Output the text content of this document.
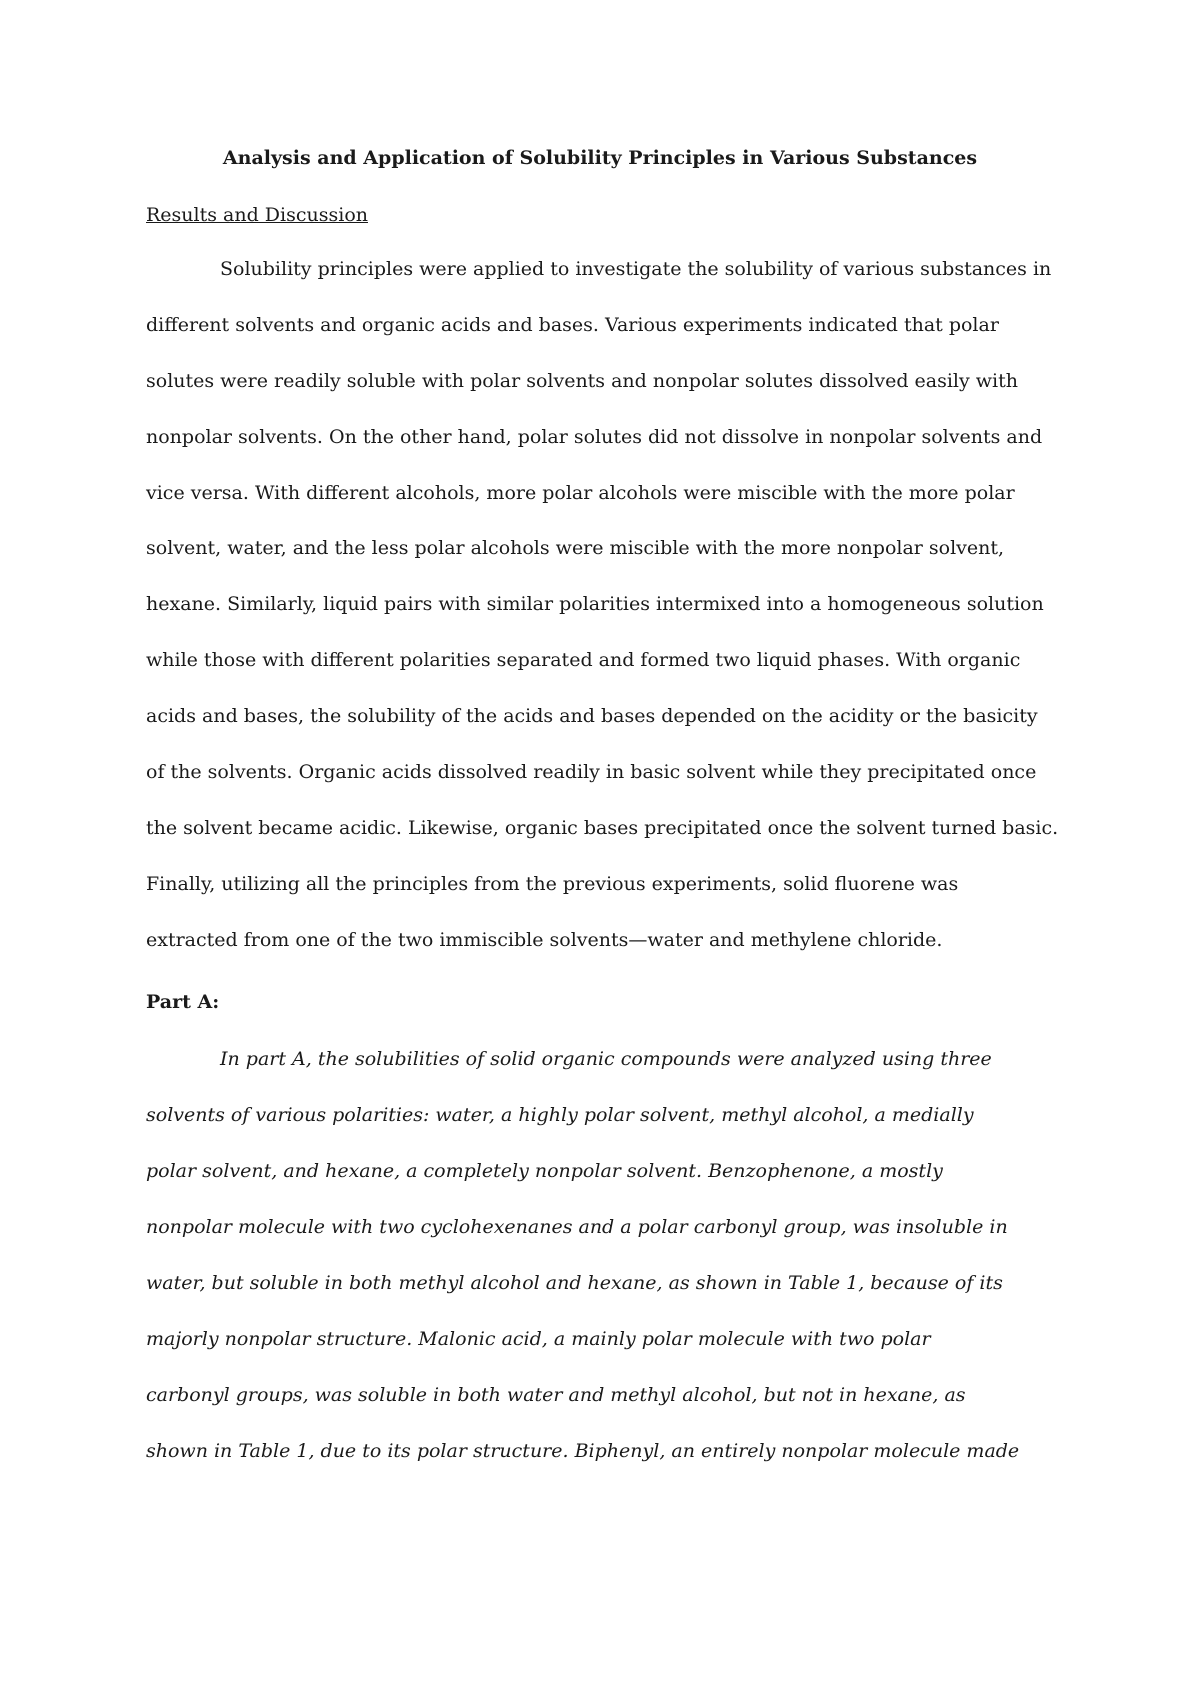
Analysis and Application of Solubility Principles in Various Substances
Results and Discussion
Solubility principles were applied to investigate the solubility of various substances in
different solvents and organic acids and bases. Various experiments indicated that polar
solutes were readily soluble with polar solvents and nonpolar solutes dissolved easily with
nonpolar solvents. On the other hand, polar solutes did not dissolve in nonpolar solvents and
vice versa. With different alcohols, more polar alcohols were miscible with the more polar
solvent, water, and the less polar alcohols were miscible with the more nonpolar solvent,
hexane. Similarly, liquid pairs with similar polarities intermixed into a homogeneous solution
while those with different polarities separated and formed two liquid phases. With organic
acids and bases, the solubility of the acids and bases depended on the acidity or the basicity
of the solvents. Organic acids dissolved readily in basic solvent while they precipitated once
the solvent became acidic. Likewise, organic bases precipitated once the solvent turned basic.
Finally, utilizing all the principles from the previous experiments, solid fluorene was
extracted from one of the two immiscible solvents—water and methylene chloride.
Part A:
In part A, the solubilities of solid organic compounds were analyzed using three
solvents of various polarities: water, a highly polar solvent, methyl alcohol, a medially
polar solvent, and hexane, a completely nonpolar solvent. Benzophenone, a mostly
nonpolar molecule with two cyclohexenanes and a polar carbonyl group, was insoluble in
water, but soluble in both methyl alcohol and hexane, as shown in Table 1, because of its
majorly nonpolar structure. Malonic acid, a mainly polar molecule with two polar
carbonyl groups, was soluble in both water and methyl alcohol, but not in hexane, as
shown in Table 1, due to its polar structure. Biphenyl, an entirely nonpolar molecule made
